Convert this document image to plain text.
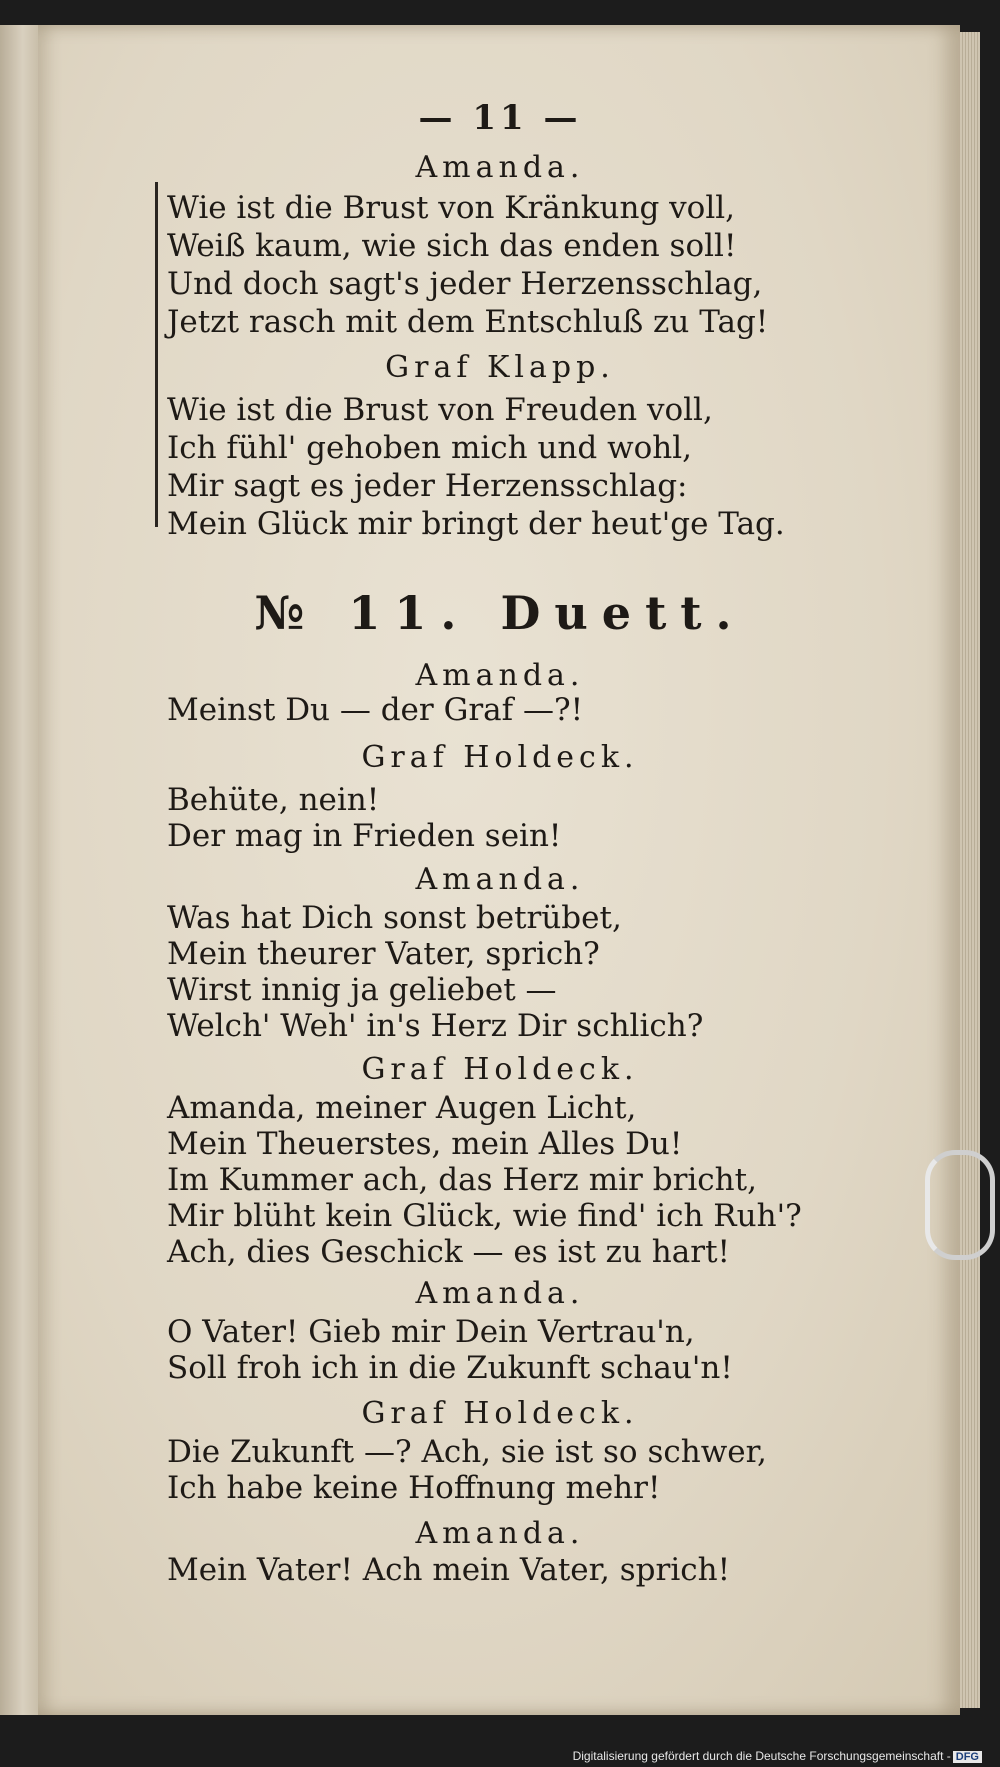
— 11 —
Amanda.
Wie ist die Brust von Kränkung voll,
Weiß kaum, wie sich das enden soll!
Und doch sagt's jeder Herzensschlag,
Jetzt rasch mit dem Entschluß zu Tag!
Graf Klapp.
Wie ist die Brust von Freuden voll,
Ich fühl' gehoben mich und wohl,
Mir sagt es jeder Herzensschlag:
Mein Glück mir bringt der heut'ge Tag.
№ 11. Duett.
Amanda.
Meinst Du — der Graf —?!
Graf Holdeck.
Behüte, nein!
Der mag in Frieden sein!
Amanda.
Was hat Dich sonst betrübet,
Mein theurer Vater, sprich?
Wirst innig ja geliebet —
Welch' Weh' in's Herz Dir schlich?
Graf Holdeck.
Amanda, meiner Augen Licht,
Mein Theuerstes, mein Alles Du!
Im Kummer ach, das Herz mir bricht,
Mir blüht kein Glück, wie find' ich Ruh'?
Ach, dies Geschick — es ist zu hart!
Amanda.
O Vater! Gieb mir Dein Vertrau'n,
Soll froh ich in die Zukunft schau'n!
Graf Holdeck.
Die Zukunft —? Ach, sie ist so schwer,
Ich habe keine Hoffnung mehr!
Amanda.
Mein Vater! Ach mein Vater, sprich!
Digitalisierung gefördert durch die Deutsche Forschungsgemeinschaft - DFG
